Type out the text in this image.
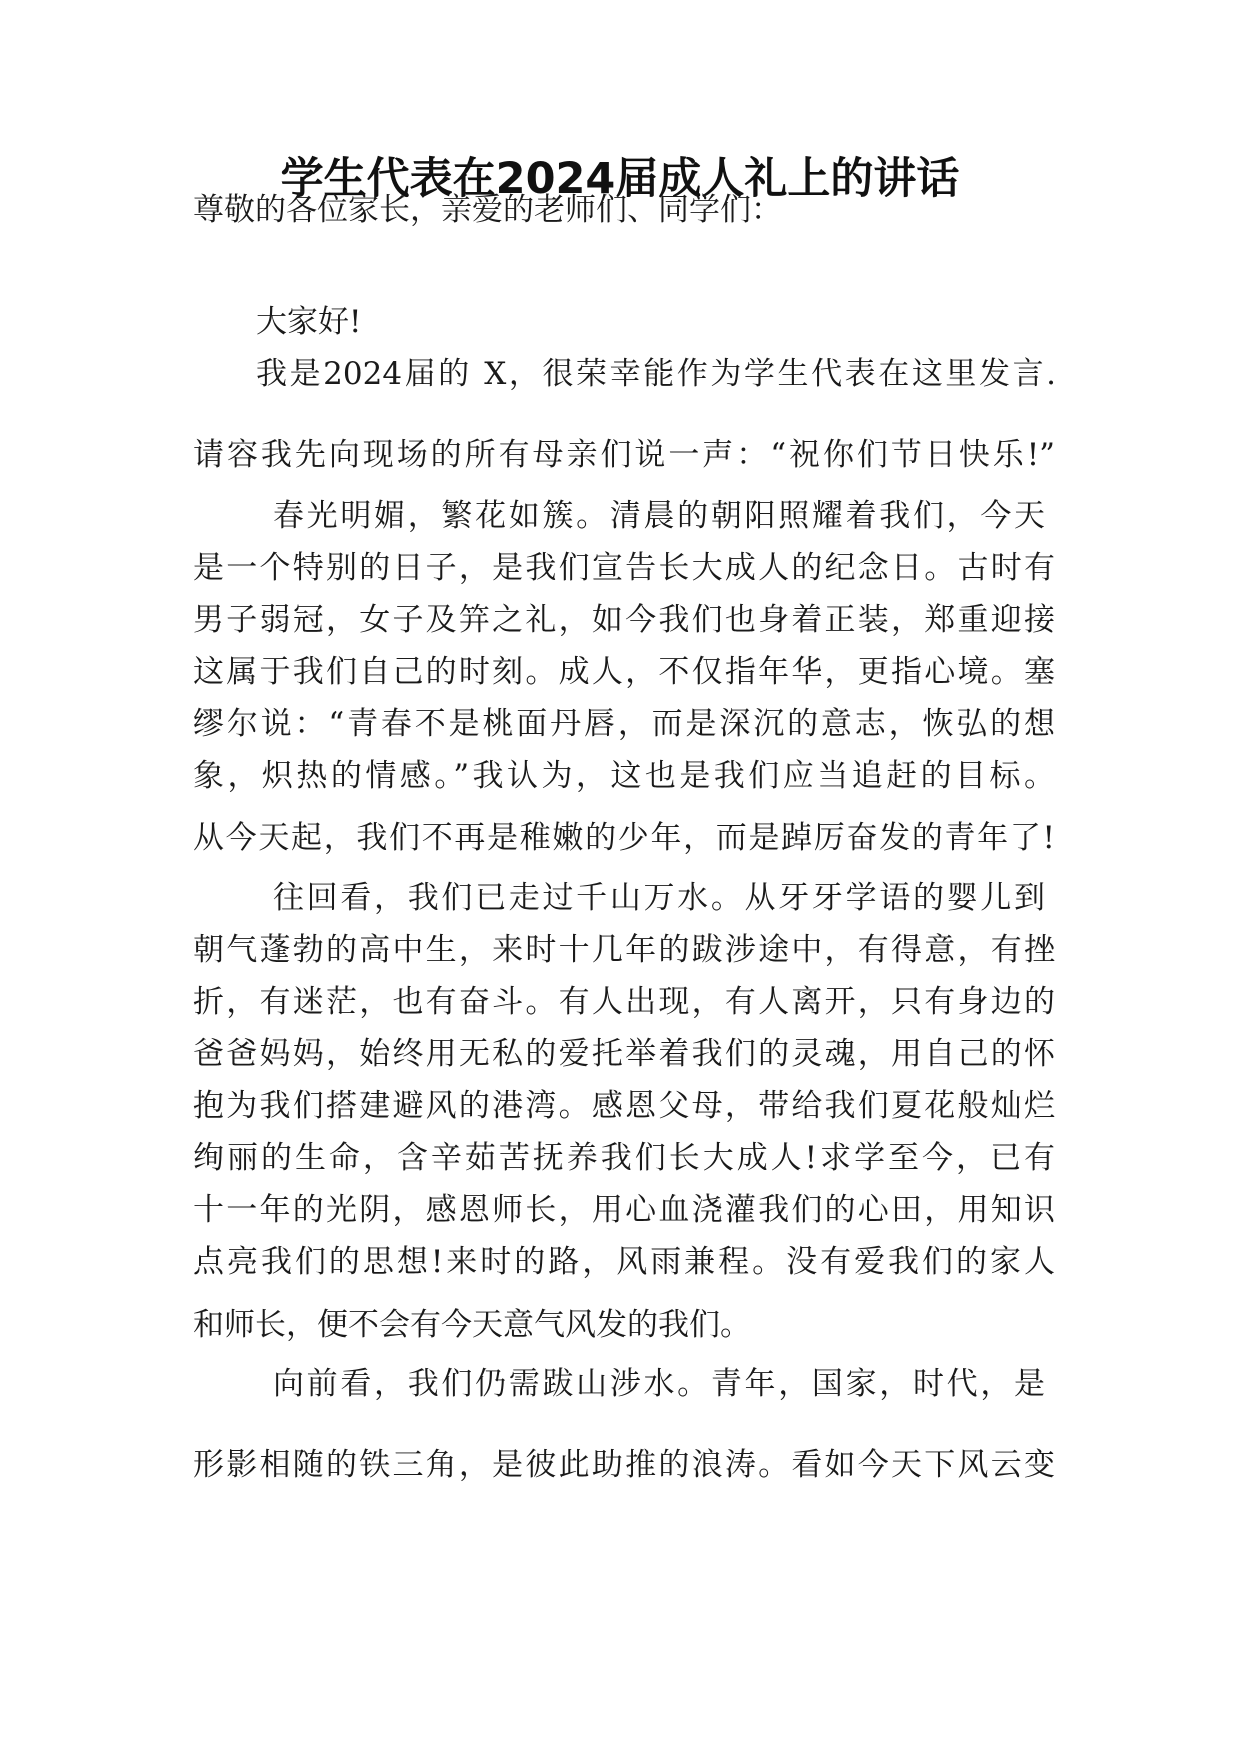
学生代表在2024届成人礼上的讲话
尊敬的各位家长，亲爱的老师们、同学们：
大家好!
我是2024届的 X，很荣幸能作为学生代表在这里发言.
请容我先向现场的所有母亲们说一声：“祝你们节日快乐!”
春光明媚，繁花如簇。清晨的朝阳照耀着我们，今天
是一个特别的日子，是我们宣告长大成人的纪念日。古时有
男子弱冠，女子及笄之礼，如今我们也身着正装，郑重迎接
这属于我们自己的时刻。成人，不仅指年华，更指心境。塞
缪尔说：“青春不是桃面丹唇，而是深沉的意志，恢弘的想
象，炽热的情感。”我认为，这也是我们应当追赶的目标。
从今天起，我们不再是稚嫩的少年，而是踔厉奋发的青年了!
往回看，我们已走过千山万水。从牙牙学语的婴儿到
朝气蓬勃的高中生，来时十几年的跋涉途中，有得意，有挫
折，有迷茫，也有奋斗。有人出现，有人离开，只有身边的
爸爸妈妈，始终用无私的爱托举着我们的灵魂，用自己的怀
抱为我们搭建避风的港湾。感恩父母，带给我们夏花般灿烂
绚丽的生命，含辛茹苦抚养我们长大成人!求学至今，已有
十一年的光阴，感恩师长，用心血浇灌我们的心田，用知识
点亮我们的思想!来时的路，风雨兼程。没有爱我们的家人
和师长，便不会有今天意气风发的我们。
向前看，我们仍需跋山涉水。青年，国家，时代，是
形影相随的铁三角，是彼此助推的浪涛。看如今天下风云变
